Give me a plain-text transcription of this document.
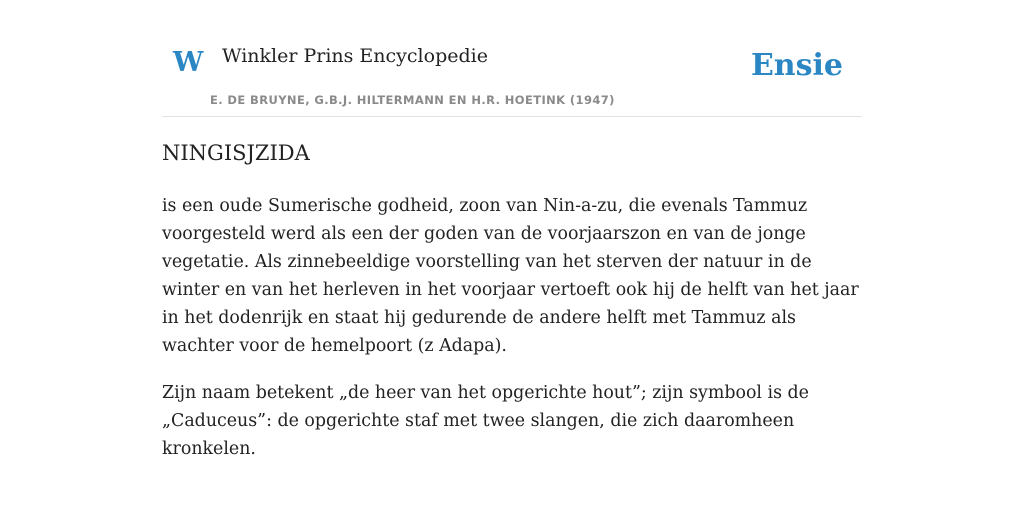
W Winkler Prins Encyclopedie
E. DE BRUYNE, G.B.J. HILTERMANN EN H.R. HOETINK (1947)
Ensie
NINGISJZIDA

is een oude Sumerische godheid, zoon van Nin-a-zu, die evenals Tammuz voorgesteld werd als een der goden van de voorjaarszon en van de jonge vegetatie. Als zinnebeeldige voorstelling van het sterven der natuur in de winter en van het herleven in het voorjaar vertoeft ook hij de helft van het jaar in het dodenrijk en staat hij gedurende de andere helft met Tammuz als wachter voor de hemelpoort (z Adapa).

Zijn naam betekent „de heer van het opgerichte hout”; zijn symbool is de „Caduceus”: de opgerichte staf met twee slangen, die zich daaromheen kronkelen.
